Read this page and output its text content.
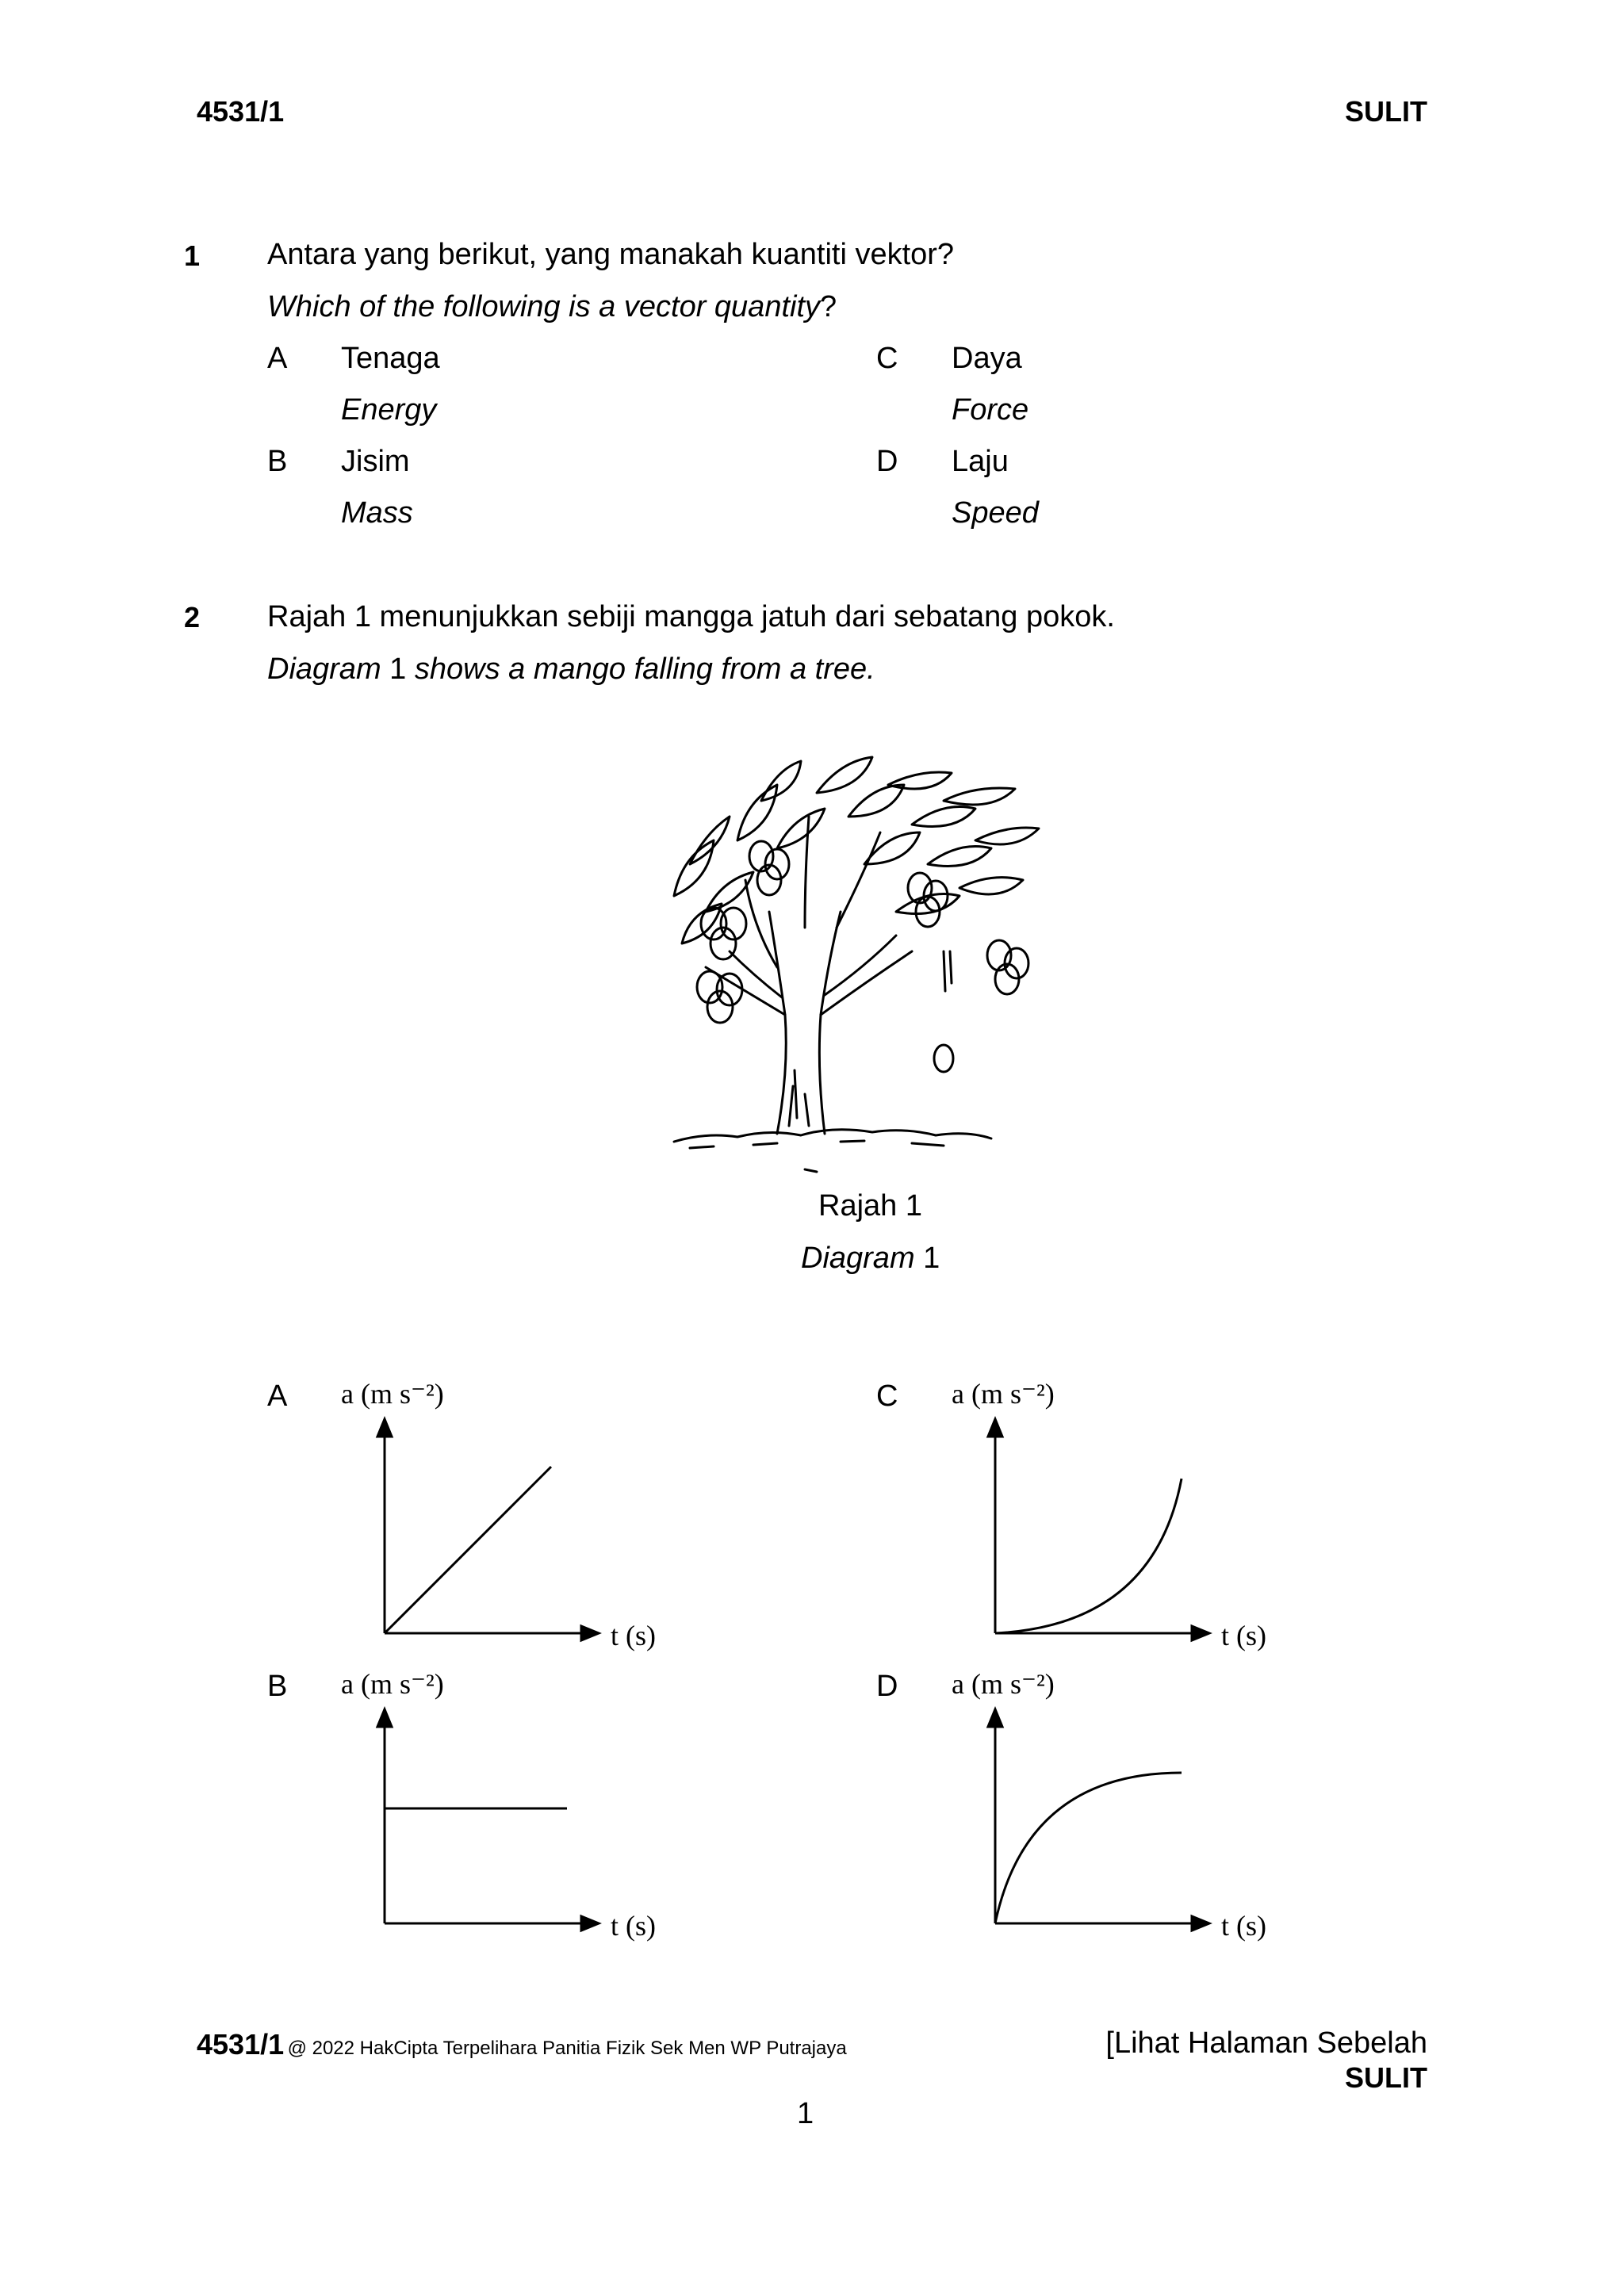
4531/1	SULIT
1 Antara yang berikut, yang manakah kuantiti vektor?
Which of the following is a vector quantity?
A Tenaga
Energy
B Jisim
Mass
C Daya
Force
D Laju
Speed
2 Rajah 1 menunjukkan sebiji mangga jatuh dari sebatang pokok.
Diagram 1 shows a mango falling from a tree.
Rajah 1
Diagram 1
A a (m s⁻²)
t (s)
B a (m s⁻²)
t (s)
C a (m s⁻²)
t (s)
D a (m s⁻²)
t (s)
4531/1 @ 2022 HakCipta Terpelihara Panitia Fizik Sek Men WP Putrajaya	[Lihat Halaman Sebelah
SULIT
1
